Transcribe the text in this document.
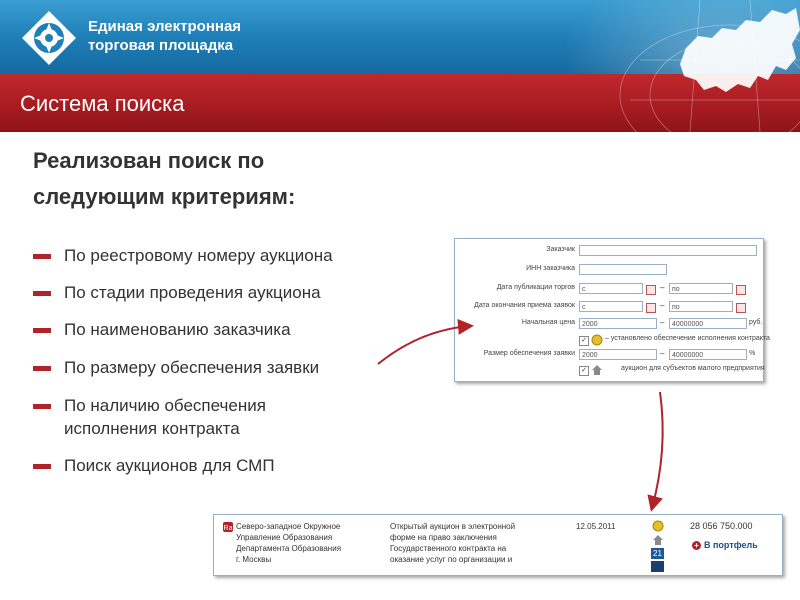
Единая электронная
торговая площадка
Система поиска
Реализован поиск по
следующим критериям:
По реестровому номеру аукциона
По стадии проведения аукциона
По наименованию заказчика
По размеру обеспечения заявки
По наличию обеспечения
исполнения контракта
Поиск аукционов для СМП
Заказчик
ИНН заказчика
Дата публикации торгов	с	–	по
Дата окончания приема заявок	с	–	по
Начальная цена	2000	–	40000000	руб.
✓	– установлено обеспечение исполнения контракта
Размер обеспечения заявки	2000	–	40000000	%
✓	аукцион для субъектов малого предприятия
Ra Северо-западное Окружное
Управление Образования
Департамента Образования
г. Москвы
Открытый аукцион в электронной
форме на право заключения
Государственного контракта на
оказание услуг по организации и
12.05.2011
21
28 056 750.000
+ В портфель
